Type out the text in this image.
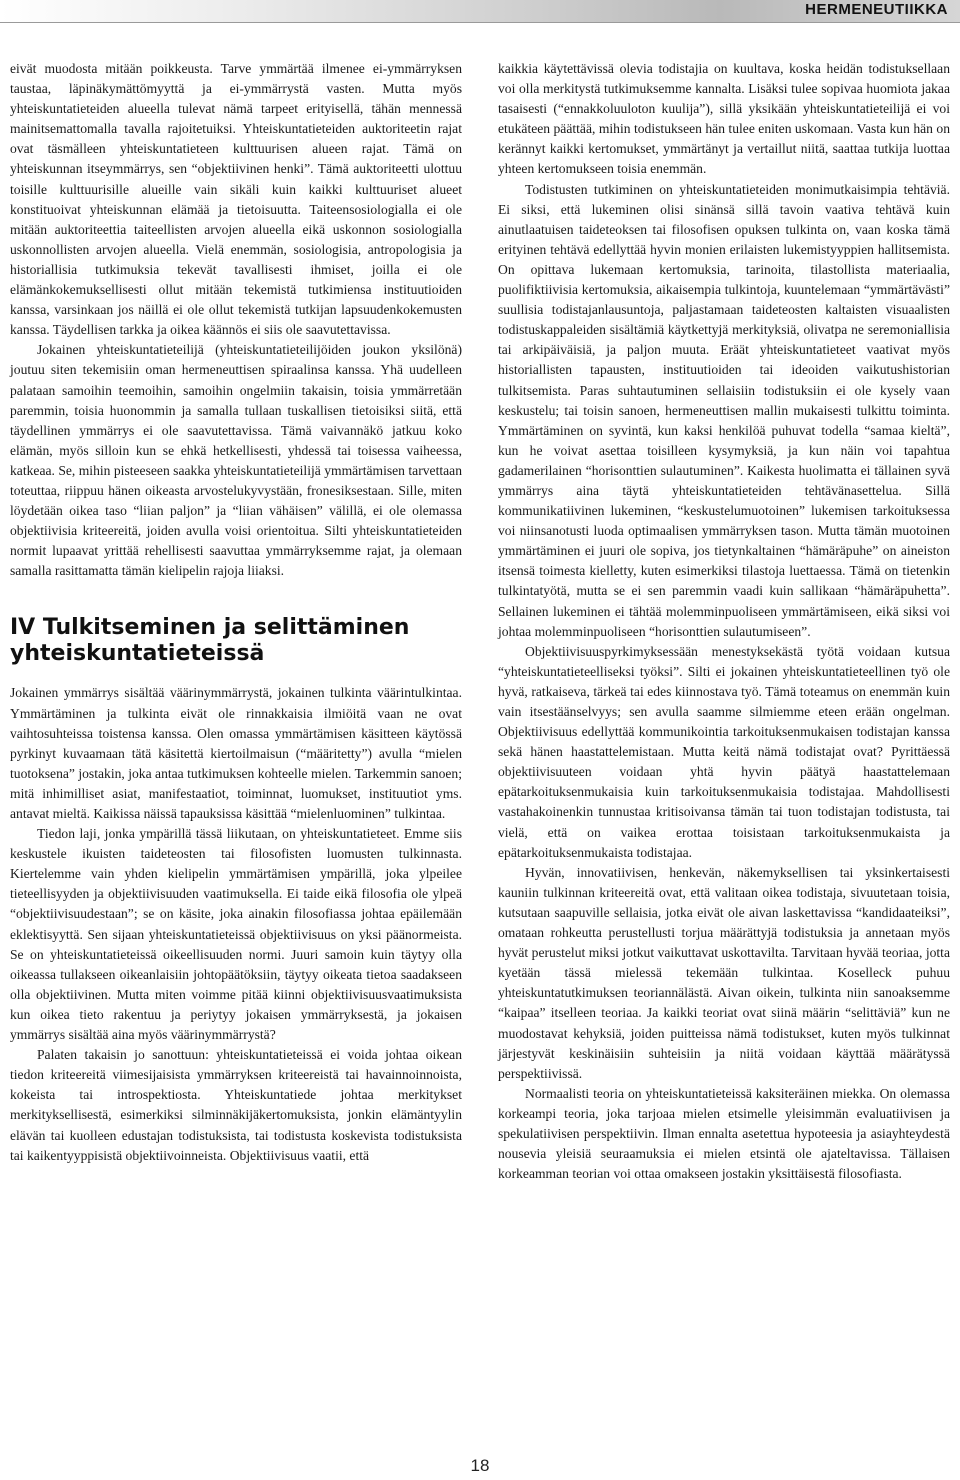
HERMENEUTIIKKA

eivät muodosta mitään poikkeusta. Tarve ymmärtää ilmenee ei-ymmärryksen taustaa, läpinäkymättömyyttä ja ei-ymmärrystä vasten. Mutta myös yhteiskuntatieteiden alueella tulevat nämä tarpeet erityisellä, tähän mennessä mainitsemattomalla tavalla rajoitetuiksi. Yhteiskuntatieteiden auktoriteetin rajat ovat täsmälleen yhteiskuntatieteen kulttuurisen alueen rajat. Tämä on yhteiskunnan itseymmärrys, sen “objektiivinen henki”. Tämä auktoriteetti ulottuu toisille kulttuurisille alueille vain sikäli kuin kaikki kulttuuriset alueet konstituoivat yhteiskunnan elämää ja tietoisuutta. Taiteensosiologialla ei ole mitään auktoriteettia taiteellisten arvojen alueella eikä uskonnon sosiologialla uskonnollisten arvojen alueella. Vielä enemmän, sosiologisia, antropologisia ja historiallisia tutkimuksia tekevät tavallisesti ihmiset, joilla ei ole elämänkokemuksellisesti ollut mitään tekemistä tutkimiensa instituutioiden kanssa, varsinkaan jos näillä ei ole ollut tekemistä tutkijan lapsuudenkokemusten kanssa. Täydellisen tarkka ja oikea käännös ei siis ole saavutettavissa.

Jokainen yhteiskuntatieteilijä (yhteiskuntatieteilijöiden joukon yksilönä) joutuu siten tekemisiin oman hermeneuttisen spiraalinsa kanssa. Yhä uudelleen palataan samoihin teemoihin, samoihin ongelmiin takaisin, toisia ymmärretään paremmin, toisia huonommin ja samalla tullaan tuskallisen tietoisiksi siitä, että täydellinen ymmärrys ei ole saavutettavissa. Tämä vaivannäkö jatkuu koko elämän, myös silloin kun se ehkä hetkellisesti, yhdessä tai toisessa vaiheessa, katkeaa. Se, mihin pisteeseen saakka yhteiskuntatieteilijä ymmärtämisen tarvettaan toteuttaa, riippuu hänen oikeasta arvostelukyvystään, fronesiksestaan. Sille, miten löydetään oikea taso “liian paljon” ja “liian vähäisen” välillä, ei ole olemassa objektiivisia kriteereitä, joiden avulla voisi orientoitua. Silti yhteiskuntatieteiden normit lupaavat yrittää rehellisesti saavuttaa ymmärryksemme rajat, ja olemaan samalla rasittamatta tämän kielipelin rajoja liiaksi.

IV Tulkitseminen ja selittäminen yhteiskuntatieteissä

Jokainen ymmärrys sisältää väärinymmärrystä, jokainen tulkinta väärintulkintaa. Ymmärtäminen ja tulkinta eivät ole rinnakkaisia ilmiöitä vaan ne ovat vaihtosuhteissa toistensa kanssa. Olen omassa ymmärtämisen käsitteen käytössä pyrkinyt kuvaamaan tätä käsitettä kiertoilmaisun (“määritetty”) avulla “mielen tuotoksena” jostakin, joka antaa tutkimuksen kohteelle mielen. Tarkemmin sanoen; mitä inhimilliset asiat, manifestaatiot, toiminnat, luomukset, instituutiot yms. antavat mieltä. Kaikissa näissä tapauksissa käsittää “mielenluominen” tulkintaa.

Tiedon laji, jonka ympärillä tässä liikutaan, on yhteiskuntatieteet. Emme siis keskustele ikuisten taideteosten tai filosofisten luomusten tulkinnasta. Kiertelemme vain yhden kielipelin ymmärtämisen ympärillä, joka ylpeilee tieteellisyyden ja objektiivisuuden vaatimuksella. Ei taide eikä filosofia ole ylpeä “objektiivisuudestaan”; se on käsite, joka ainakin filosofiassa johtaa epäilemään eklektisyyttä. Sen sijaan yhteiskuntatieteissä objektiivisuus on yksi päänormeista. Se on yhteiskuntatieteissä oikeellisuuden normi. Juuri samoin kuin täytyy olla oikeassa tullakseen oikeanlaisiin johtopäätöksiin, täytyy oikeata tietoa saadakseen olla objektiivinen. Mutta miten voimme pitää kiinni objektiivisuusvaatimuksista kun oikea tieto rakentuu ja periytyy jokaisen ymmärryksestä, ja jokaisen ymmärrys sisältää aina myös väärinymmärrystä?

Palaten takaisin jo sanottuun: yhteiskuntatieteissä ei voida johtaa oikean tiedon kriteereitä viimesijaisista ymmärryksen kriteereistä tai havainnoinnoista, kokeista tai introspektiosta. Yhteiskuntatiede johtaa merkitykset merkityksellisestä, esimerkiksi silminnäkijäkertomuksista, jonkin elämäntyylin elävän tai kuolleen edustajan todistuksista, tai todistusta koskevista todistuksista tai kaikentyyppisistä objektiivoinneista. Objektiivisuus vaatii, että

kaikkia käytettävissä olevia todistajia on kuultava, koska heidän todistuksellaan voi olla merkitystä tutkimuksemme kannalta. Lisäksi tulee sopivaa huomiota jakaa tasaisesti (“ennakkoluuloton kuulija”), sillä yksikään yhteiskuntatieteilijä ei voi etukäteen päättää, mihin todistukseen hän tulee eniten uskomaan. Vasta kun hän on kerännyt kaikki kertomukset, ymmärtänyt ja vertaillut niitä, saattaa tutkija luottaa yhteen kertomukseen toisia enemmän.

Todistusten tutkiminen on yhteiskuntatieteiden monimutkaisimpia tehtäviä. Ei siksi, että lukeminen olisi sinänsä sillä tavoin vaativa tehtävä kuin ainutlaatuisen taideteoksen tai filosofisen opuksen tulkinta on, vaan koska tämä erityinen tehtävä edellyttää hyvin monien erilaisten lukemistyyppien hallitsemista. On opittava lukemaan kertomuksia, tarinoita, tilastollista materiaalia, puolifiktiivisia kertomuksia, aikaisempia tulkintoja, kuuntelemaan “ymmärtävästi” suullisia todistajanlausuntoja, paljastamaan taideteosten kaltaisten visuaalisten todistuskappaleiden sisältämiä käytkettyjä merkityksiä, olivatpa ne seremoniallisia tai arkipäiväisiä, ja paljon muuta. Eräät yhteiskuntatieteet vaativat myös historiallisten tapausten, instituutioiden tai ideoiden vaikutushistorian tulkitsemista. Paras suhtautuminen sellaisiin todistuksiin ei ole kysely vaan keskustelu; tai toisin sanoen, hermeneuttisen mallin mukaisesti tulkittu toiminta. Ymmärtäminen on syvintä, kun kaksi henkilöä puhuvat todella “samaa kieltä”, kun he voivat asettaa toisilleen kysymyksiä, ja kun näin voi tapahtua gadamerilainen “horisonttien sulautuminen”. Kaikesta huolimatta ei tällainen syvä ymmärrys aina täytä yhteiskuntatieteiden tehtävänasettelua. Sillä kommunikatiivinen lukeminen, “keskustelumuotoinen” lukemisen tarkoituksessa voi niinsanotusti luoda optimaalisen ymmärryksen tason. Mutta tämän muotoinen ymmärtäminen ei juuri ole sopiva, jos tietynkaltainen “hämäräpuhe” on aineiston itsensä toimesta kielletty, kuten esimerkiksi tilastoja luettaessa. Tämä on tietenkin tulkintatyötä, mutta se ei sen paremmin vaadi kuin sallikaan “hämäräpuhetta”. Sellainen lukeminen ei tähtää molemminpuoliseen ymmärtämiseen, eikä siksi voi johtaa molemminpuoliseen “horisonttien sulautumiseen”.

Objektiivisuuspyrkimyksessään menestyksekästä työtä voidaan kutsua “yhteiskuntatieteelliseksi työksi”. Silti ei jokainen yhteiskuntatieteellinen työ ole hyvä, ratkaiseva, tärkeä tai edes kiinnostava työ. Tämä toteamus on enemmän kuin vain itsestäänselvyys; sen avulla saamme silmiemme eteen erään ongelman. Objektiivisuus edellyttää kommunikointia tarkoituksenmukaisen todistajan kanssa sekä hänen haastattelemistaan. Mutta keitä nämä todistajat ovat? Pyrittäessä objektiivisuuteen voidaan yhtä hyvin päätyä haastattelemaan epätarkoituksenmukaisia kuin tarkoituksenmukaisia todistajaa. Mahdollisesti vastahakoinenkin tunnustaa kritisoivansa tämän tai tuon todistajan todistusta, tai vielä, että on vaikea erottaa toisistaan tarkoituksenmukaista ja epätarkoituksenmukaista todistajaa.

Hyvän, innovatiivisen, henkevän, näkemyksellisen tai yksinkertaisesti kauniin tulkinnan kriteereitä ovat, että valitaan oikea todistaja, sivuutetaan toisia, kutsutaan saapuville sellaisia, jotka eivät ole aivan laskettavissa “kandidaateiksi”, omataan rohkeutta perustellusti torjua määrättyjä todistuksia ja annetaan myös hyvät perustelut miksi jotkut vaikuttavat uskottavilta. Tarvitaan hyvää teoriaa, jotta kyetään tässä mielessä tekemään tulkintaa. Koselleck puhuu yhteiskuntatutkimuksen teoriannälästä. Aivan oikein, tulkinta niin sanoaksemme “kaipaa” itselleen teoriaa. Ja kaikki teoriat ovat siinä määrin “selittäviä” kun ne muodostavat kehyksiä, joiden puitteissa nämä todistukset, kuten myös tulkinnat järjestyvät keskinäisiin suhteisiin ja niitä voidaan käyttää määrätyssä perspektiivissä.

Normaalisti teoria on yhteiskuntatieteissä kaksiteräinen miekka. On olemassa korkeampi teoria, joka tarjoaa mielen etsimelle yleisimmän evaluatiivisen ja spekulatiivisen perspektiivin. Ilman ennalta asetettua hypoteesia ja asiayhteydestä nousevia yleisiä seuraamuksia ei mielen etsintä ole ajateltavissa. Tällaisen korkeamman teorian voi ottaa omakseen jostakin yksittäisestä filosofiasta.

18
